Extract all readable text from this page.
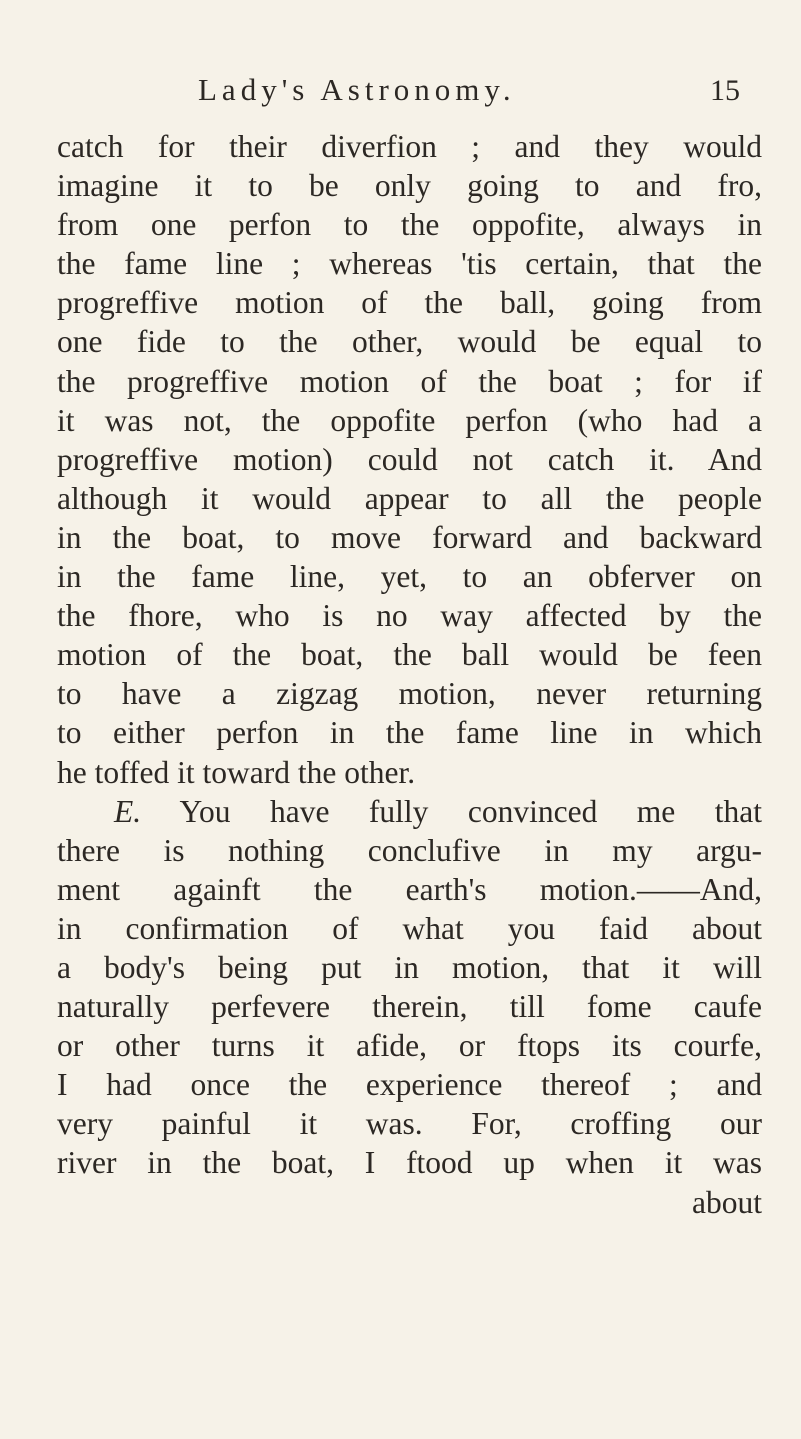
Lady's Astronomy.	15
catch for their diverfion ; and they would
imagine it to be only going to and fro,
from one perfon to the oppofite, always in
the fame line ; whereas 'tis certain, that the
progreffive motion of the ball, going from
one fide to the other, would be equal to
the progreffive motion of the boat ; for if
it was not, the oppofite perfon (who had a
progreffive motion) could not catch it. And
although it would appear to all the people
in the boat, to move forward and backward
in the fame line, yet, to an obferver on
the fhore, who is no way affected by the
motion of the boat, the ball would be feen
to have a zigzag motion, never returning
to either perfon in the fame line in which
he toffed it toward the other.
E. You have fully convinced me that
there is nothing conclufive in my argu-
ment againft the earth's motion.——And,
in confirmation of what you faid about
a body's being put in motion, that it will
naturally perfevere therein, till fome caufe
or other turns it afide, or ftops its courfe,
I had once the experience thereof ; and
very painful it was. For, croffing our
river in the boat, I ftood up when it was
about
